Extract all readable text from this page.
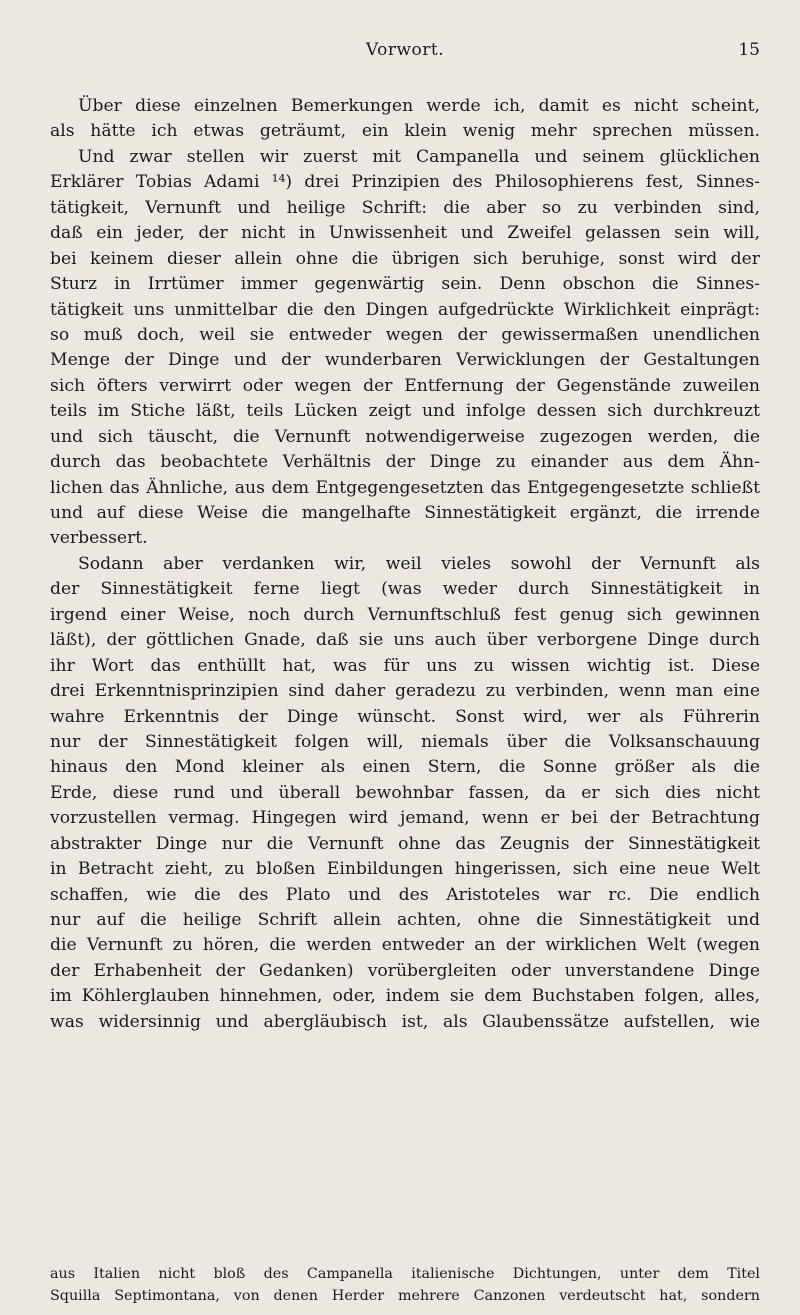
Vorwort.	15
Über diese einzelnen Bemerkungen werde ich, damit es nicht scheint,
als hätte ich etwas geträumt, ein klein wenig mehr sprechen müssen.
Und zwar stellen wir zuerst mit Campanella und seinem glücklichen
Erklärer Tobias Adami ¹⁴) drei Prinzipien des Philosophierens fest, Sinnes-
tätigkeit, Vernunft und heilige Schrift: die aber so zu verbinden sind,
daß ein jeder, der nicht in Unwissenheit und Zweifel gelassen sein will,
bei keinem dieser allein ohne die übrigen sich beruhige, sonst wird der
Sturz in Irrtümer immer gegenwärtig sein. Denn obschon die Sinnes-
tätigkeit uns unmittelbar die den Dingen aufgedrückte Wirklichkeit einprägt:
so muß doch, weil sie entweder wegen der gewissermaßen unendlichen
Menge der Dinge und der wunderbaren Verwicklungen der Gestaltungen
sich öfters verwirrt oder wegen der Entfernung der Gegenstände zuweilen
teils im Stiche läßt, teils Lücken zeigt und infolge dessen sich durchkreuzt
und sich täuscht, die Vernunft notwendigerweise zugezogen werden, die
durch das beobachtete Verhältnis der Dinge zu einander aus dem Ähn-
lichen das Ähnliche, aus dem Entgegengesetzten das Entgegengesetzte schließt
und auf diese Weise die mangelhafte Sinnestätigkeit ergänzt, die irrende
verbessert.
Sodann aber verdanken wir, weil vieles sowohl der Vernunft als
der Sinnestätigkeit ferne liegt (was weder durch Sinnestätigkeit in
irgend einer Weise, noch durch Vernunftschluß fest genug sich gewinnen
läßt), der göttlichen Gnade, daß sie uns auch über verborgene Dinge durch
ihr Wort das enthüllt hat, was für uns zu wissen wichtig ist. Diese
drei Erkenntnisprinzipien sind daher geradezu zu verbinden, wenn man eine
wahre Erkenntnis der Dinge wünscht. Sonst wird, wer als Führerin
nur der Sinnestätigkeit folgen will, niemals über die Volksanschauung
hinaus den Mond kleiner als einen Stern, die Sonne größer als die
Erde, diese rund und überall bewohnbar fassen, da er sich dies nicht
vorzustellen vermag. Hingegen wird jemand, wenn er bei der Betrachtung
abstrakter Dinge nur die Vernunft ohne das Zeugnis der Sinnestätigkeit
in Betracht zieht, zu bloßen Einbildungen hingerissen, sich eine neue Welt
schaffen, wie die des Plato und des Aristoteles war rc. Die endlich
nur auf die heilige Schrift allein achten, ohne die Sinnestätigkeit und
die Vernunft zu hören, die werden entweder an der wirklichen Welt (wegen
der Erhabenheit der Gedanken) vorübergleiten oder unverstandene Dinge
im Köhlerglauben hinnehmen, oder, indem sie dem Buchstaben folgen, alles,
was widersinnig und abergläubisch ist, als Glaubenssätze aufstellen, wie
aus Italien nicht bloß des Campanella italienische Dichtungen, unter dem Titel
Squilla Septimontana, von denen Herder mehrere Canzonen verdeutscht hat, sondern
